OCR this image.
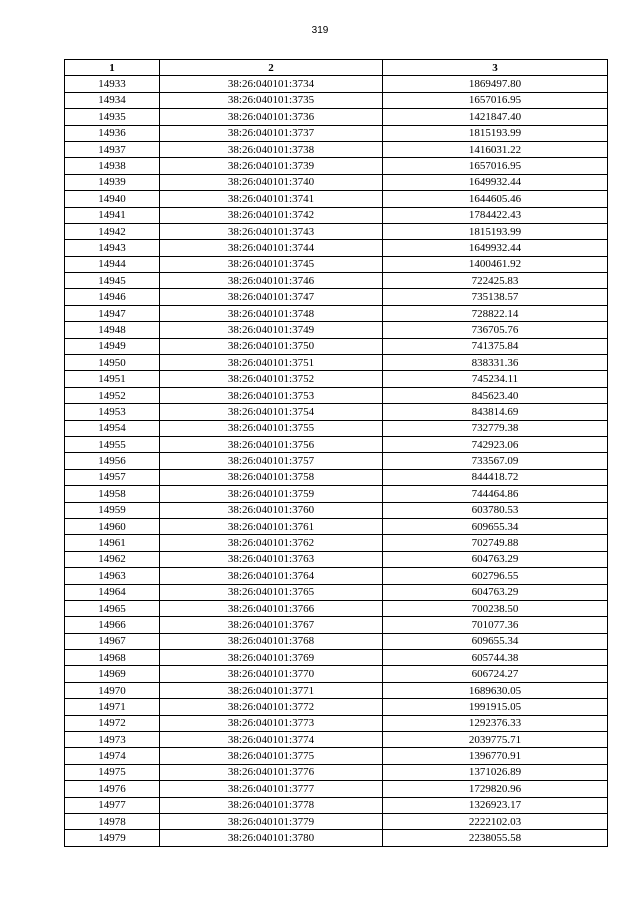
319
1	2	3
14933	38:26:040101:3734	1869497.80
14934	38:26:040101:3735	1657016.95
14935	38:26:040101:3736	1421847.40
14936	38:26:040101:3737	1815193.99
14937	38:26:040101:3738	1416031.22
14938	38:26:040101:3739	1657016.95
14939	38:26:040101:3740	1649932.44
14940	38:26:040101:3741	1644605.46
14941	38:26:040101:3742	1784422.43
14942	38:26:040101:3743	1815193.99
14943	38:26:040101:3744	1649932.44
14944	38:26:040101:3745	1400461.92
14945	38:26:040101:3746	722425.83
14946	38:26:040101:3747	735138.57
14947	38:26:040101:3748	728822.14
14948	38:26:040101:3749	736705.76
14949	38:26:040101:3750	741375.84
14950	38:26:040101:3751	838331.36
14951	38:26:040101:3752	745234.11
14952	38:26:040101:3753	845623.40
14953	38:26:040101:3754	843814.69
14954	38:26:040101:3755	732779.38
14955	38:26:040101:3756	742923.06
14956	38:26:040101:3757	733567.09
14957	38:26:040101:3758	844418.72
14958	38:26:040101:3759	744464.86
14959	38:26:040101:3760	603780.53
14960	38:26:040101:3761	609655.34
14961	38:26:040101:3762	702749.88
14962	38:26:040101:3763	604763.29
14963	38:26:040101:3764	602796.55
14964	38:26:040101:3765	604763.29
14965	38:26:040101:3766	700238.50
14966	38:26:040101:3767	701077.36
14967	38:26:040101:3768	609655.34
14968	38:26:040101:3769	605744.38
14969	38:26:040101:3770	606724.27
14970	38:26:040101:3771	1689630.05
14971	38:26:040101:3772	1991915.05
14972	38:26:040101:3773	1292376.33
14973	38:26:040101:3774	2039775.71
14974	38:26:040101:3775	1396770.91
14975	38:26:040101:3776	1371026.89
14976	38:26:040101:3777	1729820.96
14977	38:26:040101:3778	1326923.17
14978	38:26:040101:3779	2222102.03
14979	38:26:040101:3780	2238055.58
